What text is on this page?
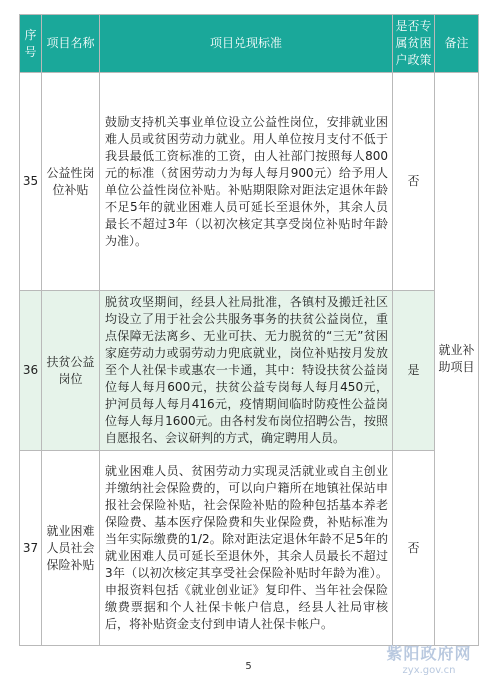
序号	项目名称	项目兑现标准	是否专属贫困户政策	备注
35	公益性岗位补贴	鼓励支持机关事业单位设立公益性岗位，安排就业困难人员或贫困劳动力就业。用人单位按月支付不低于我县最低工资标准的工资，由人社部门按照每人800元的标准（贫困劳动力为每人每月900元）给予用人单位公益性岗位补贴。补贴期限除对距法定退休年龄不足5年的就业困难人员可延长至退休外，其余人员最长不超过3年（以初次核定其享受岗位补贴时年龄为准）。	否	就业补助项目

36	扶贫公益岗位	脱贫攻坚期间，经县人社局批准，各镇村及搬迁社区均设立了用于社会公共服务事务的扶贫公益岗位，重点保障无法离乡、无业可扶、无力脱贫的“三无”贫困家庭劳动力或弱劳动力兜底就业，岗位补贴按月发放至个人社保卡或惠农一卡通，其中：特设扶贫公益岗位每人每月600元，扶贫公益专岗每人每月450元，护河员每人每月416元，疫情期间临时防疫性公益岗位每人每月1600元。由各村发布岗位招聘公告，按照自愿报名、会议研判的方式，确定聘用人员。	是	
37	就业困难人员社会保险补贴	就业困难人员、贫困劳动力实现灵活就业或自主创业并缴纳社会保险费的，可以向户籍所在地镇社保站申报社会保险补贴，社会保险补贴的险种包括基本养老保险费、基本医疗保险费和失业保险费，补贴标准为当年实际缴费的1/2。除对距法定退休年龄不足5年的就业困难人员可延长至退休外，其余人员最长不超过3年（以初次核定其享受社会保险补贴时年龄为准）。申报资料包括《就业创业证》复印件、当年社会保险缴费票据和个人社保卡帐户信息，经县人社局审核后，将补贴资金支付到申请人社保卡帐户。	否	
5
紫阳政府网
zyx.gov.cn
